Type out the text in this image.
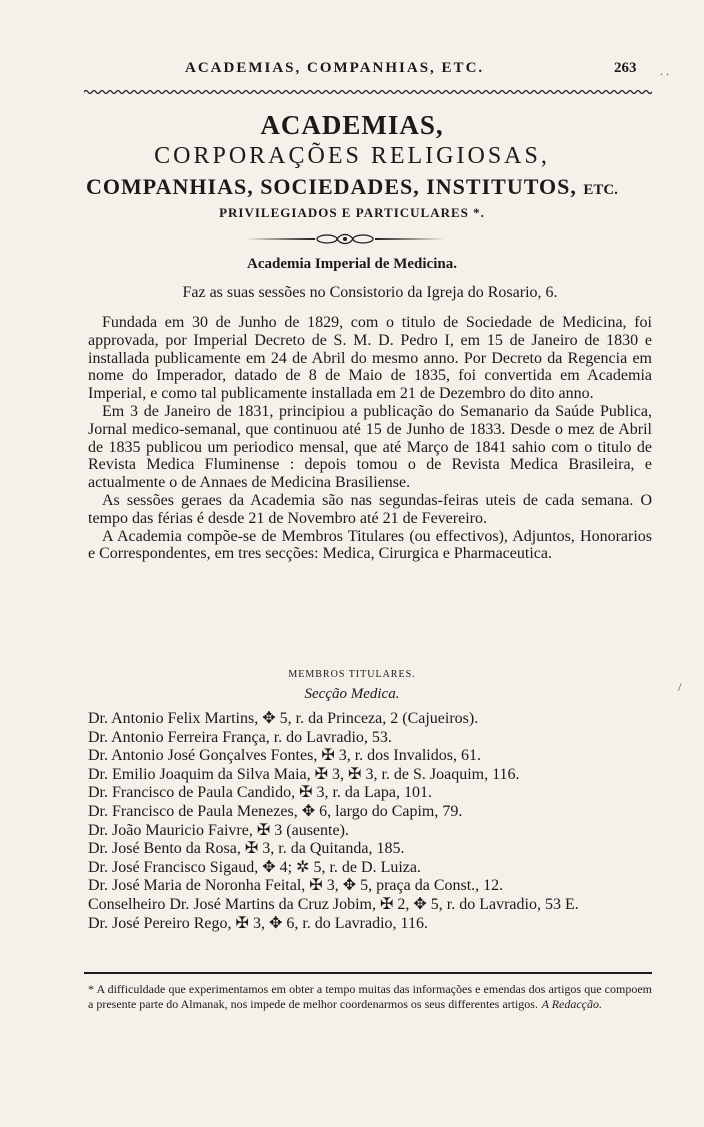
ACADEMIAS, COMPANHIAS, ETC.	263 . .
ACADEMIAS,
CORPORAÇÕES RELIGIOSAS,
COMPANHIAS, SOCIEDADES, INSTITUTOS, ETC.
PRIVILEGIADOS E PARTICULARES *.
Academia Imperial de Medicina.
Faz as suas sessões no Consistorio da Igreja do Rosario, 6.

Fundada em 30 de Junho de 1829, com o titulo de Sociedade de Medicina, foi approvada, por Imperial Decreto de S. M. D. Pedro I, em 15 de Janeiro de 1830 e installada publicamente em 24 de Abril do mesmo anno. Por Decreto da Regencia em nome do Imperador, datado de 8 de Maio de 1835, foi convertida em Academia Imperial, e como tal publicamente installada em 21 de Dezembro do dito anno.

Em 3 de Janeiro de 1831, principiou a publicação do Semanario da Saúde Publica, Jornal medico-semanal, que continuou até 15 de Junho de 1833. Desde o mez de Abril de 1835 publicou um periodico mensal, que até Março de 1841 sahio com o titulo de Revista Medica Fluminense : depois tomou o de Revista Medica Brasileira, e actualmente o de Annaes de Medicina Brasiliense.

As sessões geraes da Academia são nas segundas-feiras uteis de cada semana. O tempo das férias é desde 21 de Novembro até 21 de Fevereiro.

A Academia compõe-se de Membros Titulares (ou effectivos), Adjuntos, Honorarios e Correspondentes, em tres secções: Medica, Cirurgica e Pharmaceutica.

MEMBROS TITULARES.
Secção Medica.
Dr. Antonio Felix Martins, ✥ 5, r. da Princeza, 2 (Cajueiros).
Dr. Antonio Ferreira França, r. do Lavradio, 53.
Dr. Antonio José Gonçalves Fontes, ✠ 3, r. dos Invalidos, 61.
Dr. Emilio Joaquim da Silva Maia, ✠ 3, ✠ 3, r. de S. Joaquim, 116.
Dr. Francisco de Paula Candido, ✠ 3, r. da Lapa, 101.
Dr. Francisco de Paula Menezes, ✥ 6, largo do Capim, 79.
Dr. João Mauricio Faivre, ✠ 3 (ausente).
Dr. José Bento da Rosa, ✠ 3, r. da Quitanda, 185.
Dr. José Francisco Sigaud, ✥ 4; ✲ 5, r. de D. Luiza.
Dr. José Maria de Noronha Feital, ✠ 3, ✥ 5, praça da Const., 12.
Conselheiro Dr. José Martins da Cruz Jobim, ✠ 2, ✥ 5, r. do Lavradio, 53 E.
Dr. José Pereiro Rego, ✠ 3, ✥ 6, r. do Lavradio, 116.
* A difficuldade que experimentamos em obter a tempo muitas das informações e emendas dos artigos que compoem a presente parte do Almanak, nos impede de melhor coordenarmos os seus differentes artigos. A Redacção.
/
